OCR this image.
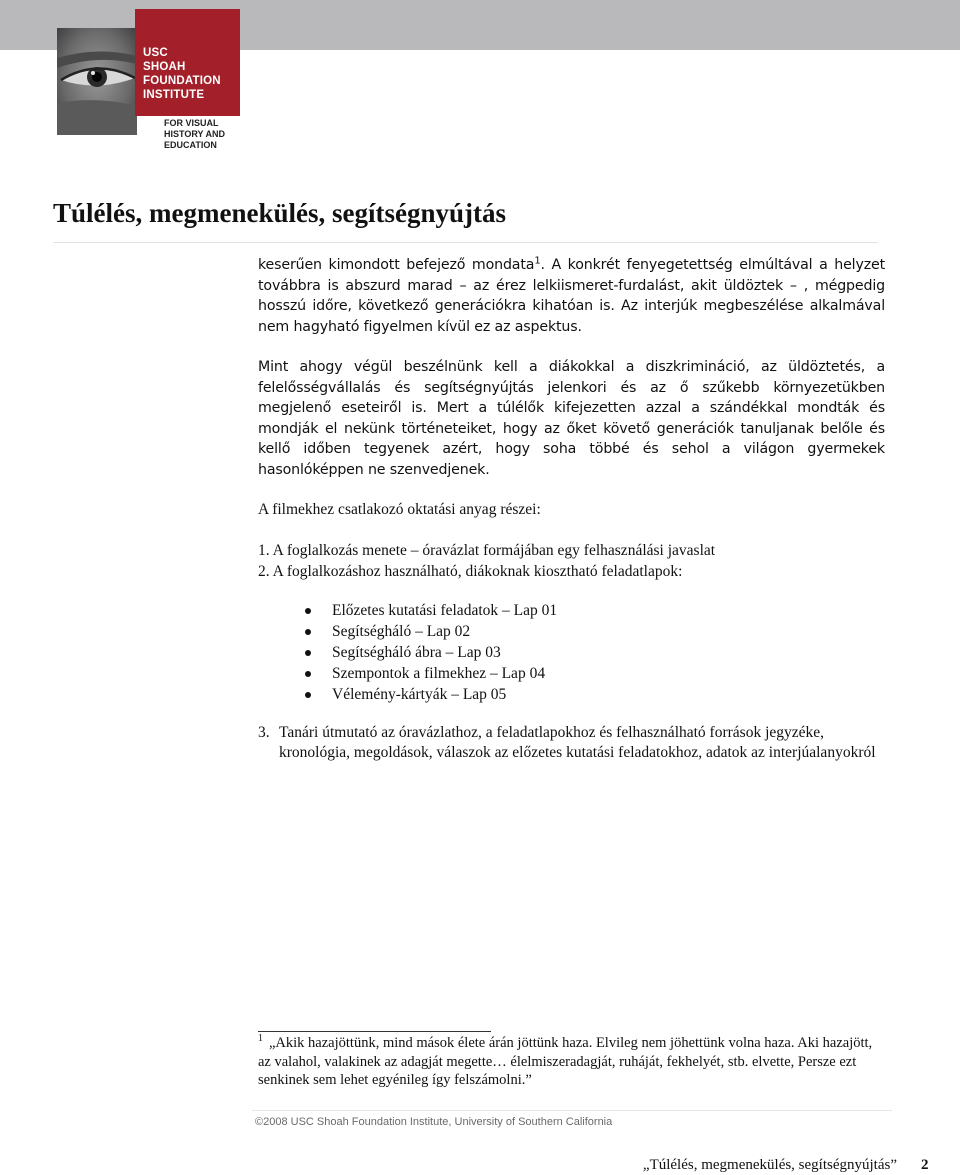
USC
SHOAH
FOUNDATION
INSTITUTE
FOR VISUAL
HISTORY AND
EDUCATION
Túlélés, megmenekülés, segítségnyújtás

keserűen kimondott befejező mondata$^1$. A konkrét fenyegetettség elmúltával a helyzet továbbra is abszurd marad – az érez lelkiismeret-furdalást, akit üldöztek – , mégpedig hosszú időre, következő generációkra kihatóan is. Az interjúk megbeszélése alkalmával nem hagyható figyelmen kívül ez az aspektus.

Mint ahogy végül beszélnünk kell a diákokkal a diszkrimináció, az üldöztetés, a felelősségvállalás és segítségnyújtás jelenkori és az ő szűkebb környezetükben megjelenő eseteiről is. Mert a túlélők kifejezetten azzal a szándékkal mondták és mondják el nekünk történeteiket, hogy az őket követő generációk tanuljanak belőle és kellő időben tegyenek azért, hogy soha többé és sehol a világon gyermekek hasonlóképpen ne szenvedjenek.

A filmekhez csatlakozó oktatási anyag részei:

1. A foglalkozás menete – óravázlat formájában egy felhasználási javaslat

2. A foglalkozáshoz használható, diákoknak kiosztható feladatlapok:

Előzetes kutatási feladatok – Lap 01
Segítségháló – Lap 02
Segítségháló ábra – Lap 03
Szempontok a filmekhez – Lap 04
Vélemény-kártyák – Lap 05
3. Tanári útmutató az óravázlathoz, a feladatlapokhoz és felhasználható források jegyzéke, kronológia, megoldások, válaszok az előzetes kutatási feladatokhoz, adatok az interjúalanyokról

$^1$ „Akik hazajöttünk, mind mások élete árán jöttünk haza. Elvileg nem jöhettünk volna haza. Aki hazajött, az valahol, valakinek az adagját megette… élelmiszeradagját, ruháját, fekhelyét, stb. elvette, Persze ezt senkinek sem lehet egyénileg így felszámolni.”

©2008 USC Shoah Foundation Institute, University of Southern California
„Túlélés, megmenekülés, segítségnyújtás” 2
